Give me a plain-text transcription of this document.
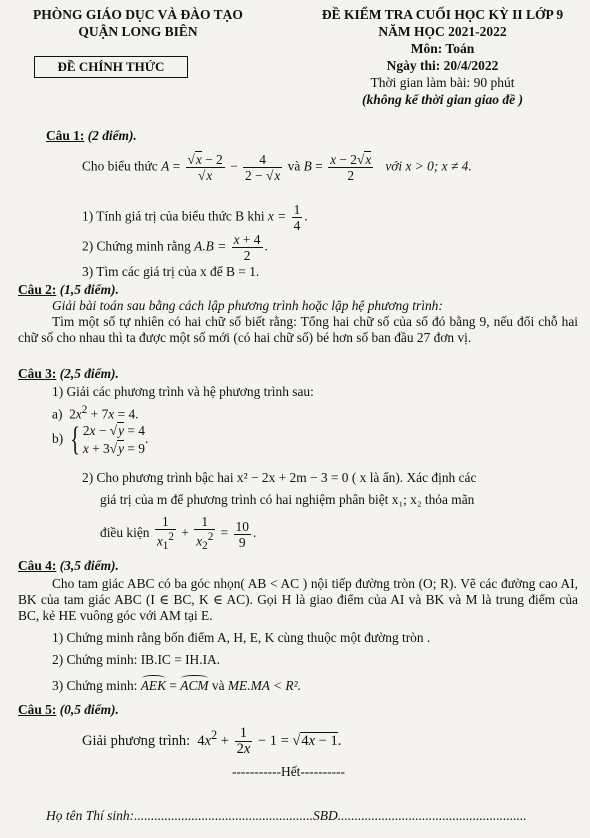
PHÒNG GIÁO DỤC VÀ ĐÀO TẠO
QUẬN LONG BIÊN
ĐỀ CHÍNH THỨC
ĐỀ KIỂM TRA CUỐI HỌC KỲ II LỚP 9
NĂM HỌC 2021-2022
Môn: Toán
Ngày thi: 20/4/2022
Thời gian làm bài: 90 phút
(không kể thời gian giao đề )
Câu 1: (2 điểm).
Cho biểu thức $A = \frac{√x - 2}{√x} - \frac{4}{2 - √x}$ và $B = \frac{x - 2√x}{2}$ với x > 0; x ≠ 4.
1) Tính giá trị của biểu thức B khi $x = \frac{1}{4}$ .
2) Chứng minh rằng $A.B = \frac{x + 4}{2}$ .
3) Tìm các giá trị của x để B = 1.
Câu 2: (1,5 điểm).
Giải bài toán sau bằng cách lập phương trình hoặc lập hệ phương trình:
Tìm một số tự nhiên có hai chữ số biết rằng: Tổng hai chữ số của số đó bằng 9, nếu đổi chỗ hai chữ số cho nhau thì ta được một số mới (có hai chữ số) bé hơn số ban đầu 27 đơn vị.
Câu 3: (2,5 điểm).
1) Giải các phương trình và hệ phương trình sau:
a)  $2x^2 + 7x = 4$.
b) { 2x − √y = 4
x + 3√y = 9
.
2) Cho phương trình bậc hai x² − 2x + 2m − 3 = 0 ( x là ẩn). Xác định các
giá trị của m để phương trình có hai nghiệm phân biệt x₁; x₂ thỏa mãn
điều kiện $\frac{1}{x_1^2} + \frac{1}{x_2^2} = \frac{10}{9}$ .
Câu 4: (3,5 điểm).
Cho tam giác ABC có ba góc nhọn( AB < AC ) nội tiếp đường tròn (O; R). Vẽ các đường cao AI, BK của tam giác ABC (I ∈ BC, K ∈ AC). Gọi H là giao điểm của AI và BK và M là trung điểm của BC, kẻ HE vuông góc với AM tại E.
1) Chứng minh rằng bốn điểm A, H, E, K cùng thuộc một đường tròn .
2) Chứng minh: IB.IC = IH.IA.
3) Chứng minh: AEK = ACM và ME.MA < R².
Câu 5: (0,5 điểm).
Giải phương trình:  $4x^2 + \frac{1}{2x} - 1 = √4x - 1$.
-----------Hết----------
Họ tên Thí sinh:.....................................................SBD........................................................
